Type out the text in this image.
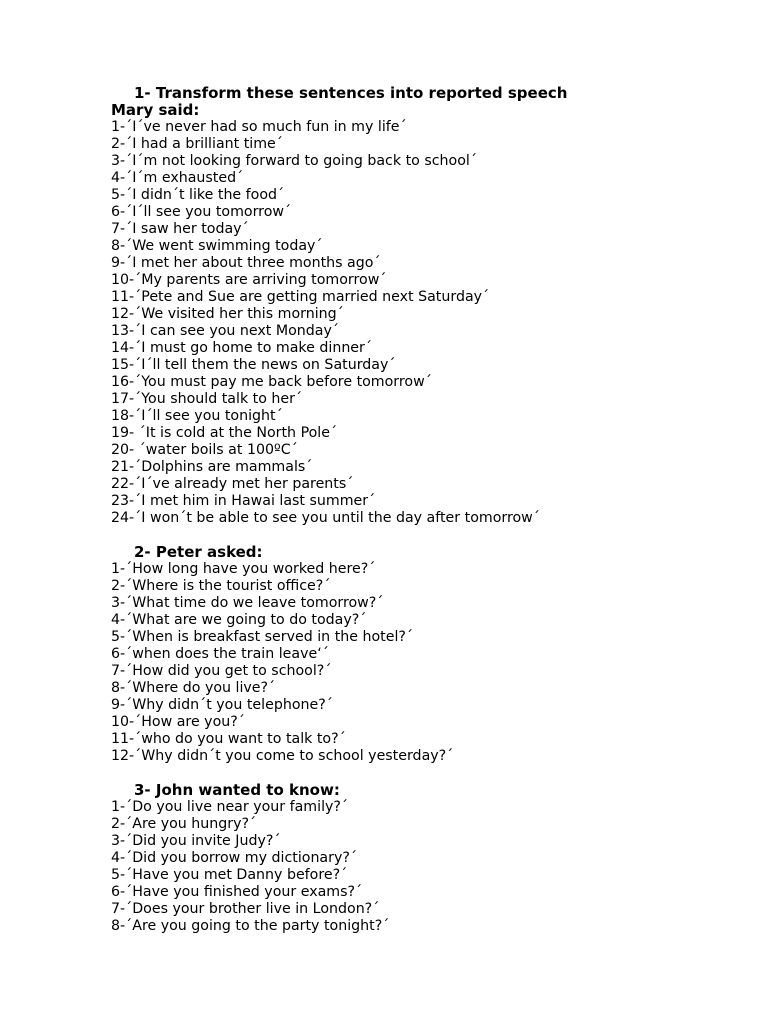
1- Transform these sentences into reported speech
Mary said:
1-´I´ve never had so much fun in my life´
2-´I had a brilliant time´
3-´I´m not looking forward to going back to school´
4-´I´m exhausted´
5-´I didn´t like the food´
6-´I´ll see you tomorrow´
7-´I saw her today´
8-´We went swimming today´
9-´I met her about three months ago´
10-´My parents are arriving tomorrow´
11-´Pete and Sue are getting married next Saturday´
12-´We visited her this morning´
13-´I can see you next Monday´
14-´I must go home to make dinner´
15-´I´ll tell them the news on Saturday´
16-´You must pay me back before tomorrow´
17-´You should talk to her´
18-´I´ll see you tonight´
19- ´It is cold at the North Pole´
20- ´water boils at 100ºC´
21-´Dolphins are mammals´
22-´I´ve already met her parents´
23-´I met him in Hawai last summer´
24-´I won´t be able to see you until the day after tomorrow´
2- Peter asked:
1-´How long have you worked here?´
2-´Where is the tourist office?´
3-´What time do we leave tomorrow?´
4-´What are we going to do today?´
5-´When is breakfast served in the hotel?´
6-´when does the train leave‘´
7-´How did you get to school?´
8-´Where do you live?´
9-´Why didn´t you telephone?´
10-´How are you?´
11-´who do you want to talk to?´
12-´Why didn´t you come to school yesterday?´
3- John wanted to know:
1-´Do you live near your family?´
2-´Are you hungry?´
3-´Did you invite Judy?´
4-´Did you borrow my dictionary?´
5-´Have you met Danny before?´
6-´Have you finished your exams?´
7-´Does your brother live in London?´
8-´Are you going to the party tonight?´
